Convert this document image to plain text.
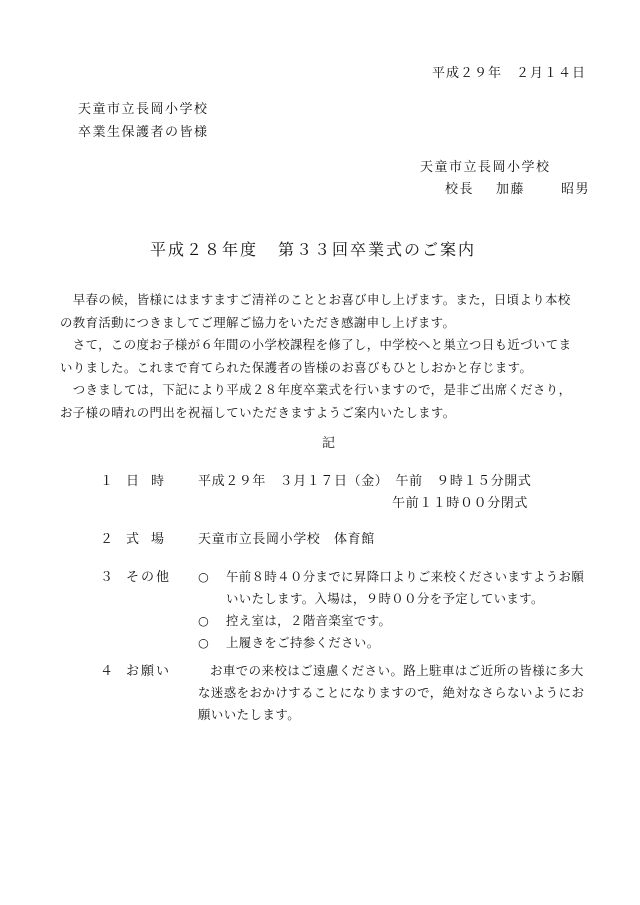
平成２９年　２月１４日
天童市立長岡小学校
卒業生保護者の皆様
天童市立長岡小学校
校長 加藤	昭男
平成２８年度 第３３回卒業式のご案内

　早春の候，皆様にはますますご清祥のこととお喜び申し上げます。また，日頃より本校

の教育活動につきましてご理解ご協力をいただき感謝申し上げます。

　さて，この度お子様が６年間の小学校課程を修了し，中学校へと巣立つ日も近づいてま

いりました。これまで育てられた保護者の皆様のお喜びもひとしおかと存じます。

　つきましては，下記により平成２８年度卒業式を行いますので，是非ご出席くださり，

お子様の晴れの門出を祝福していただきますようご案内いたします。

記
１ 日時 平成２９年　３月１７日（金）　午前　９時１５分開式
午前１１時００分閉式
２ 式場 天童市立長岡小学校　体育館
３ その他 ○ 午前８時４０分までに昇降口よりご来校くださいますようお願
いいたします。入場は，９時００分を予定しています。
○ 控え室は，２階音楽室です。
○ 上履きをご持参ください。
４ お願い	お車での来校はご遠慮ください。路上駐車はご近所の皆様に多大
な迷惑をおかけすることになりますので，絶対なさらないようにお
願いいたします。
